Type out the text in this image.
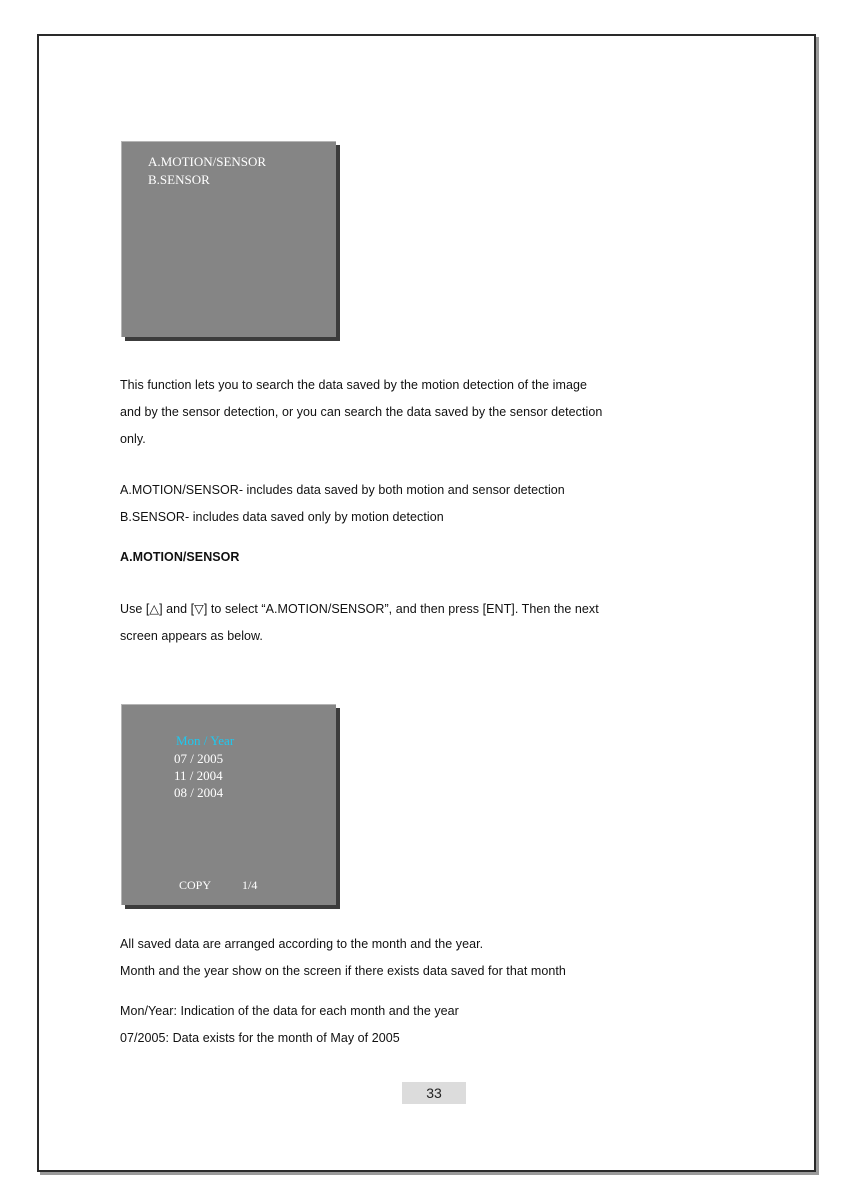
A.MOTION/SENSOR
B.SENSOR

This function lets you to search the data saved by the motion detection of the image

and by the sensor detection, or you can search the data saved by the sensor detection

only.

A.MOTION/SENSOR- includes data saved by both motion and sensor detection

B.SENSOR- includes data saved only by motion detection

A.MOTION/SENSOR

Use [△] and [▽] to select “A.MOTION/SENSOR”, and then press [ENT]. Then the next

screen appears as below.

Mon / Year
07 / 2005
11 / 2004
08 / 2004
COPY	1/4

All saved data are arranged according to the month and the year.

Month and the year show on the screen if there exists data saved for that month

Mon/Year: Indication of the data for each month and the year

07/2005: Data exists for the month of May of 2005

33
